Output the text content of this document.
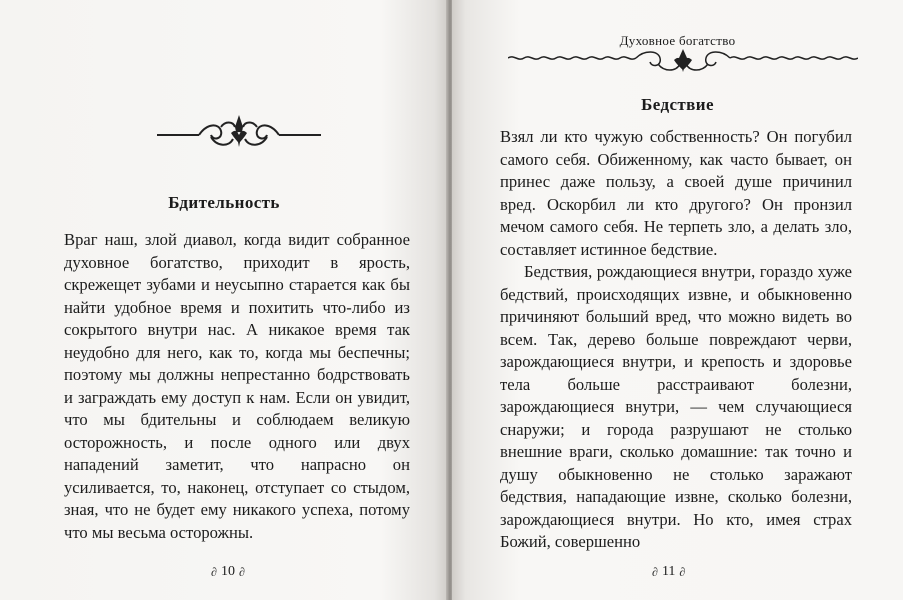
Бдительность

Враг наш, злой диавол, когда видит собранное духовное богатство, приходит в ярость, скрежещет зубами и неусыпно старается как бы найти удобное время и похитить что-либо из сокрытого внутри нас. А никакое время так неудобно для него, как то, когда мы беспечны; поэтому мы должны непрестанно бодрствовать и заграждать ему доступ к нам. Если он увидит, что мы бдительны и соблюдаем великую осторожность, и после одного или двух нападений заметит, что напрасно он усиливается, то, наконец, отступает со стыдом, зная, что не будет ему никакого успеха, потому что мы весьма осторожны.

∂ 10 ∂
Духовное богатство
Бедствие

Взял ли кто чужую собственность? Он погубил самого себя. Обиженному, как часто бывает, он принес даже пользу, а своей душе причинил вред. Оскорбил ли кто другого? Он пронзил мечом самого себя. Не терпеть зло, а делать зло, составляет истинное бедствие.

Бедствия, рождающиеся внутри, гораздо хуже бедствий, происходящих извне, и обыкновенно причиняют больший вред, что можно видеть во всем. Так, дерево больше повреждают черви, зарождающиеся внутри, и крепость и здоровье тела больше расстраивают болезни, зарождающиеся внутри, — чем случающиеся снаружи; и города разрушают не столько внешние враги, сколько домашние: так точно и душу обыкновенно не столько заражают бедствия, нападающие извне, сколько болезни, зарождающиеся внутри. Но кто, имея страх Божий, совершенно

∂ 11 ∂
